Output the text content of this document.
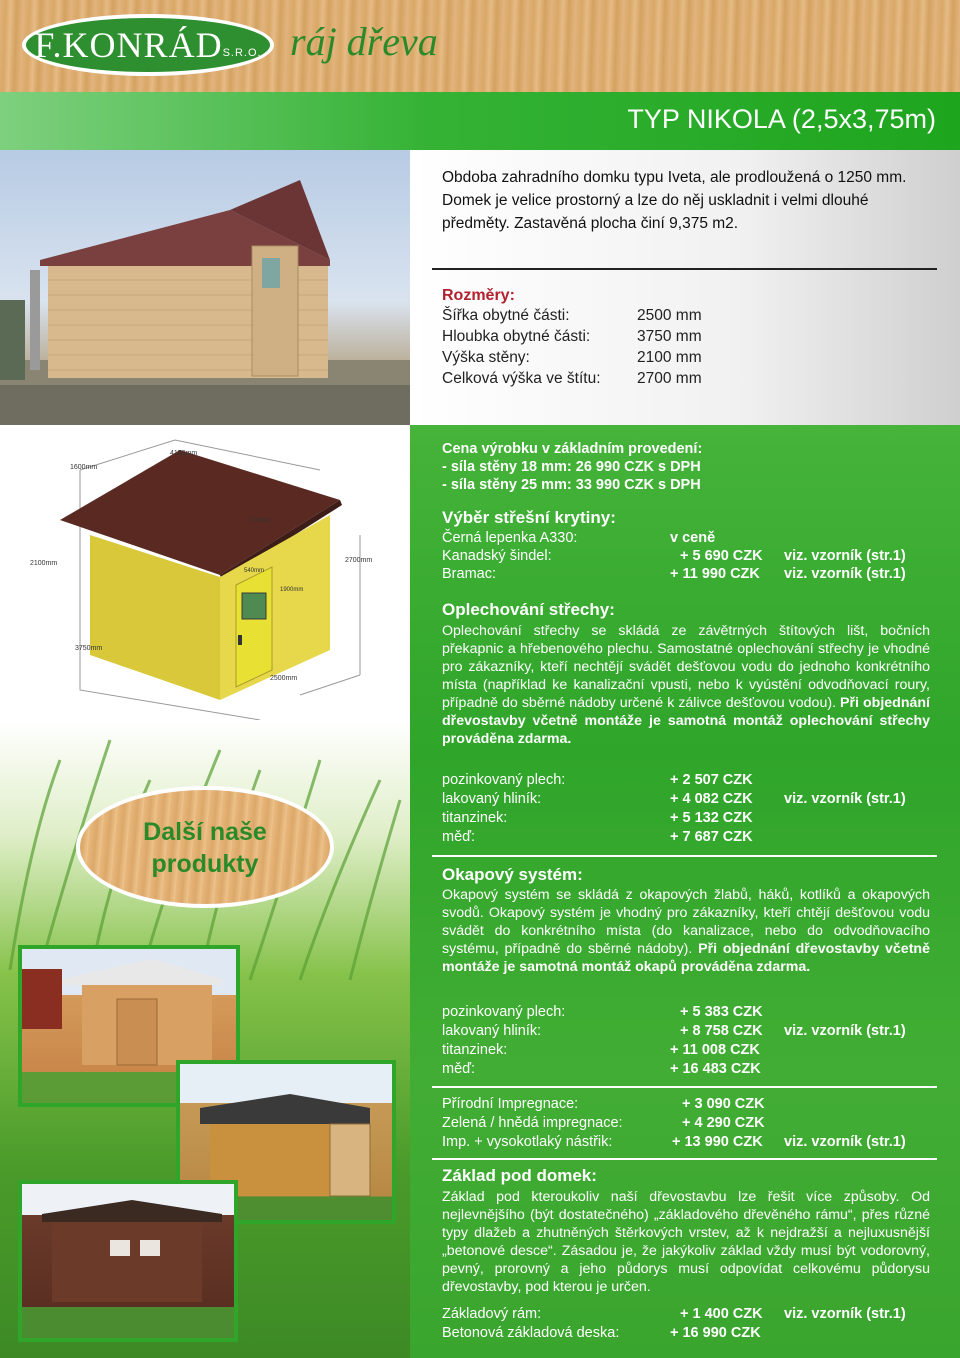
F.KONRÁD S.R.O. ráj dřeva
TYP NIKOLA (2,5x3,75m)
4150mm
1600mm
2100mm	2700mm
3750mm
2500mm
700mm
1900mm
540mm
Další naše
produkty

Obdoba zahradního domku typu Iveta, ale prodloužená o 1250 mm. Domek je velice prostorný a lze do něj uskladnit i velmi dlouhé předměty. Zastavěná plocha činí 9,375 m2.

Rozměry:
Šířka obytné části:	2500 mm
Hloubka obytné části:	3750 mm
Výška stěny:	2100 mm
Celková výška ve štítu: 2700 mm
Cena výrobku v základním provedení:
- síla stěny 18 mm: 26 990 CZK s DPH
- síla stěny 25 mm: 33 990 CZK s DPH
Výběr střešní krytiny:
Černá lepenka A330:	v ceně
Kanadský šindel:	+ 5 690 CZK viz. vzorník (str.1)
Bramac:	+ 11 990 CZK viz. vzorník (str.1)
Oplechování střechy:

Oplechování střechy se skládá ze závětrných štítových lišt, bočních překapnic a hřebenového plechu. Samostatné oplechování střechy je vhodné pro zákazníky, kteří nechtějí svádět dešťovou vodu do jednoho konkrétního místa (například ke kanalizační vpusti, nebo k vyústění odvodňovací roury, případně do sběrné nádoby určené k zálivce dešťovou vodou). Při objednání dřevostavby včetně montáže je samotná montáž oplechování střechy prováděna zdarma.

pozinkovaný plech:	+ 2 507 CZK
lakovaný hliník:	+ 4 082 CZK viz. vzorník (str.1)
titanzinek:	+ 5 132 CZK
měď:	+ 7 687 CZK
Okapový systém:

Okapový systém se skládá z okapových žlabů, háků, kotlíků a okapových svodů. Okapový systém je vhodný pro zákazníky, kteří chtějí dešťovou vodu svádět do konkrétního místa (do kanalizace, nebo do odvodňovacího systému, případně do sběrné nádoby). Při objednání dřevostavby včetně montáže je samotná montáž okapů prováděna zdarma.

pozinkovaný plech:	+ 5 383 CZK
lakovaný hliník:	+ 8 758 CZK viz. vzorník (str.1)
titanzinek:	+ 11 008 CZK
měď:	+ 16 483 CZK
Přírodní Impregnace:	+ 3 090 CZK
Zelená / hnědá impregnace:	+ 4 290 CZK
Imp. + vysokotlaký nástřik:	+ 13 990 CZK viz. vzorník (str.1)
Základ pod domek:

Základ pod kteroukoliv naší dřevostavbu lze řešit více způsoby. Od nejlevnějšího (být dostatečného) „základového dřevěného rámu“, přes různé typy dlažeb a zhutněných štěrkových vrstev, až k nejdražší a nejluxusnější „betonové desce“. Zásadou je, že jakýkoliv základ vždy musí být vodorovný, pevný, prorovný a jeho půdorys musí odpovídat celkovému půdorysu dřevostavby, pod kterou je určen.

Základový rám:	+ 1 400 CZK viz. vzorník (str.1)
Betonová základová deska:	+ 16 990 CZK
